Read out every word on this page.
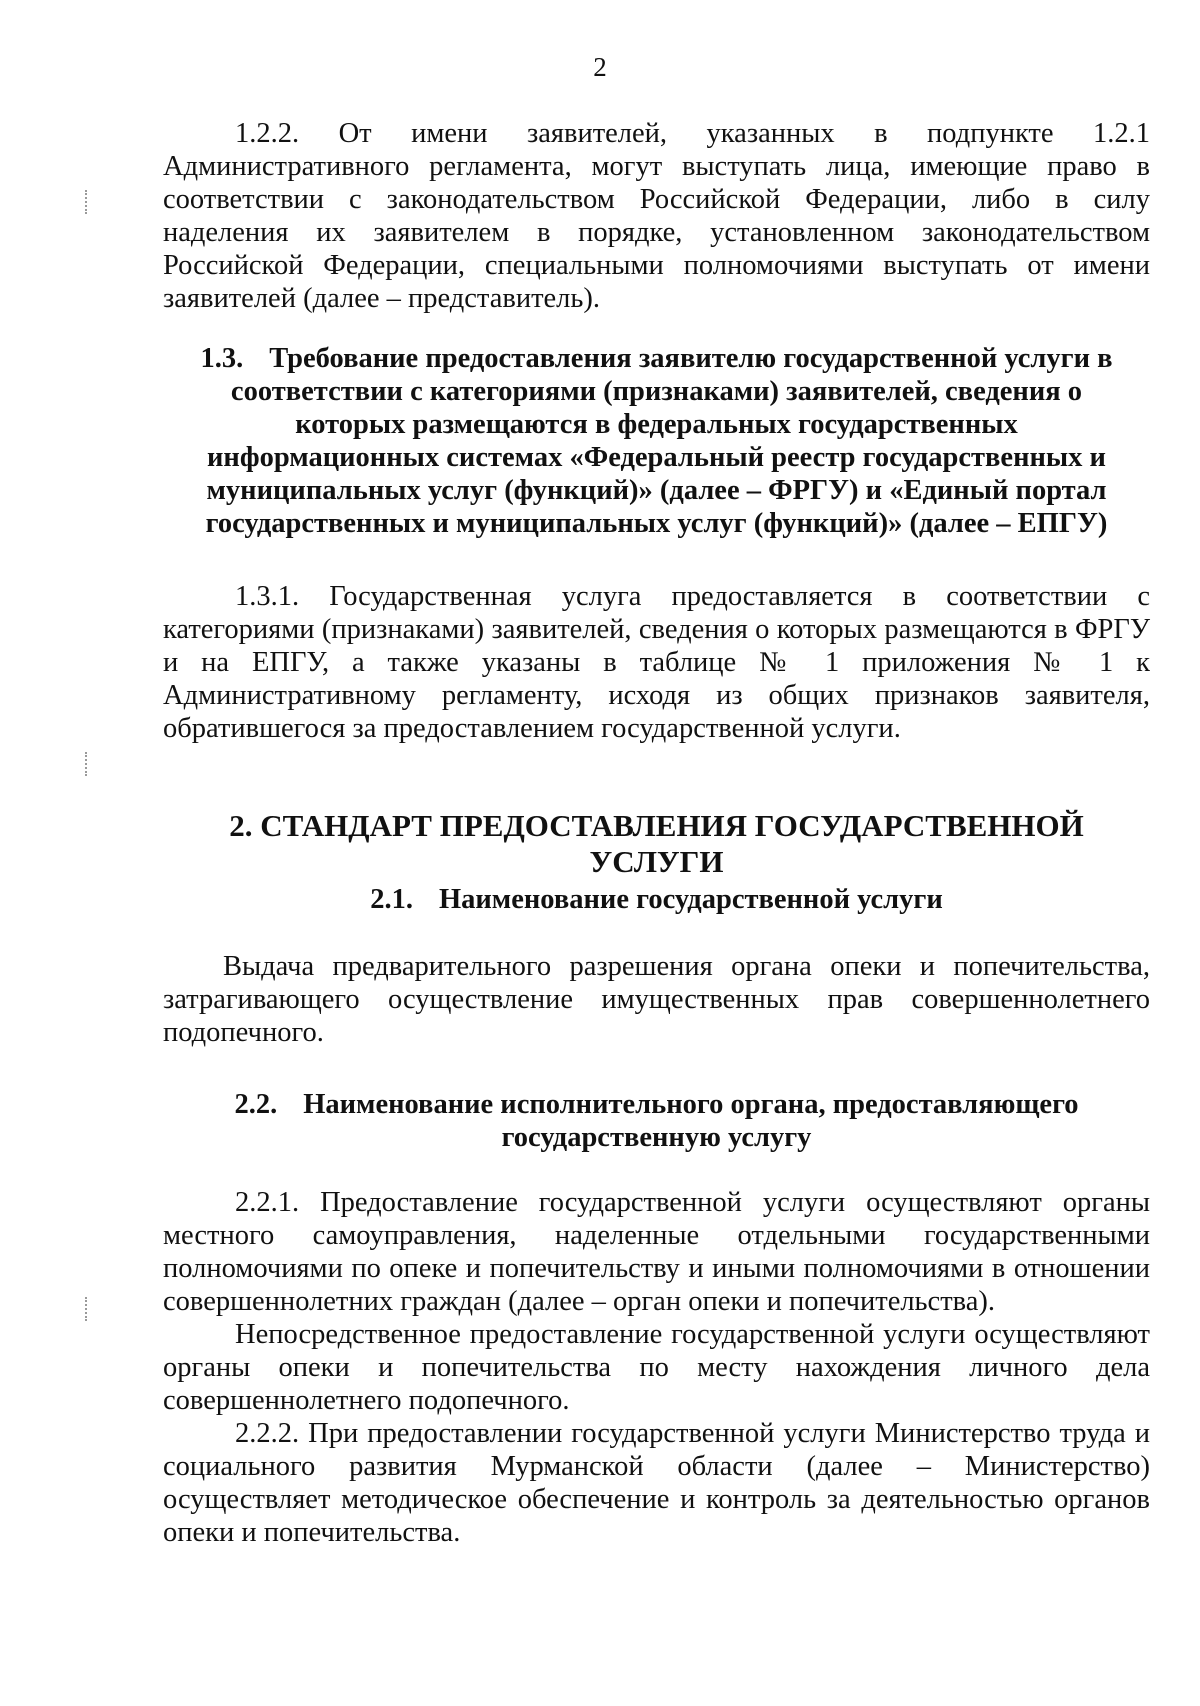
2

1.2.2. От имени заявителей, указанных в подпункте 1.2.1 Административного регламента, могут выступать лица, имеющие право в соответствии с законодательством Российской Федерации, либо в силу наделения их заявителем в порядке, установленном законодательством Российской Федерации, специальными полномочиями выступать от имени заявителей (далее – представитель).

1.3. Требование предоставления заявителю государственной услуги в соответствии с категориями (признаками) заявителей, сведения о которых размещаются в федеральных государственных информационных системах «Федеральный реестр государственных и муниципальных услуг (функций)» (далее – ФРГУ) и «Единый портал государственных и муниципальных услуг (функций)» (далее – ЕПГУ)

1.3.1. Государственная услуга предоставляется в соответствии с категориями (признаками) заявителей, сведения о которых размещаются в ФРГУ и на ЕПГУ, а также указаны в таблице № 1 приложения № 1 к Административному регламенту, исходя из общих признаков заявителя, обратившегося за предоставлением государственной услуги.

2. СТАНДАРТ ПРЕДОСТАВЛЕНИЯ ГОСУДАРСТВЕННОЙ УСЛУГИ
2.1. Наименование государственной услуги

Выдача предварительного разрешения органа опеки и попечительства, затрагивающего осуществление имущественных прав совершеннолетнего подопечного.

2.2. Наименование исполнительного органа, предоставляющего государственную услугу

2.2.1. Предоставление государственной услуги осуществляют органы местного самоуправления, наделенные отдельными государственными полномочиями по опеке и попечительству и иными полномочиями в отношении совершеннолетних граждан (далее – орган опеки и попечительства).

Непосредственное предоставление государственной услуги осуществляют органы опеки и попечительства по месту нахождения личного дела совершеннолетнего подопечного.

2.2.2. При предоставлении государственной услуги Министерство труда и социального развития Мурманской области (далее – Министерство) осуществляет методическое обеспечение и контроль за деятельностью органов опеки и попечительства.
